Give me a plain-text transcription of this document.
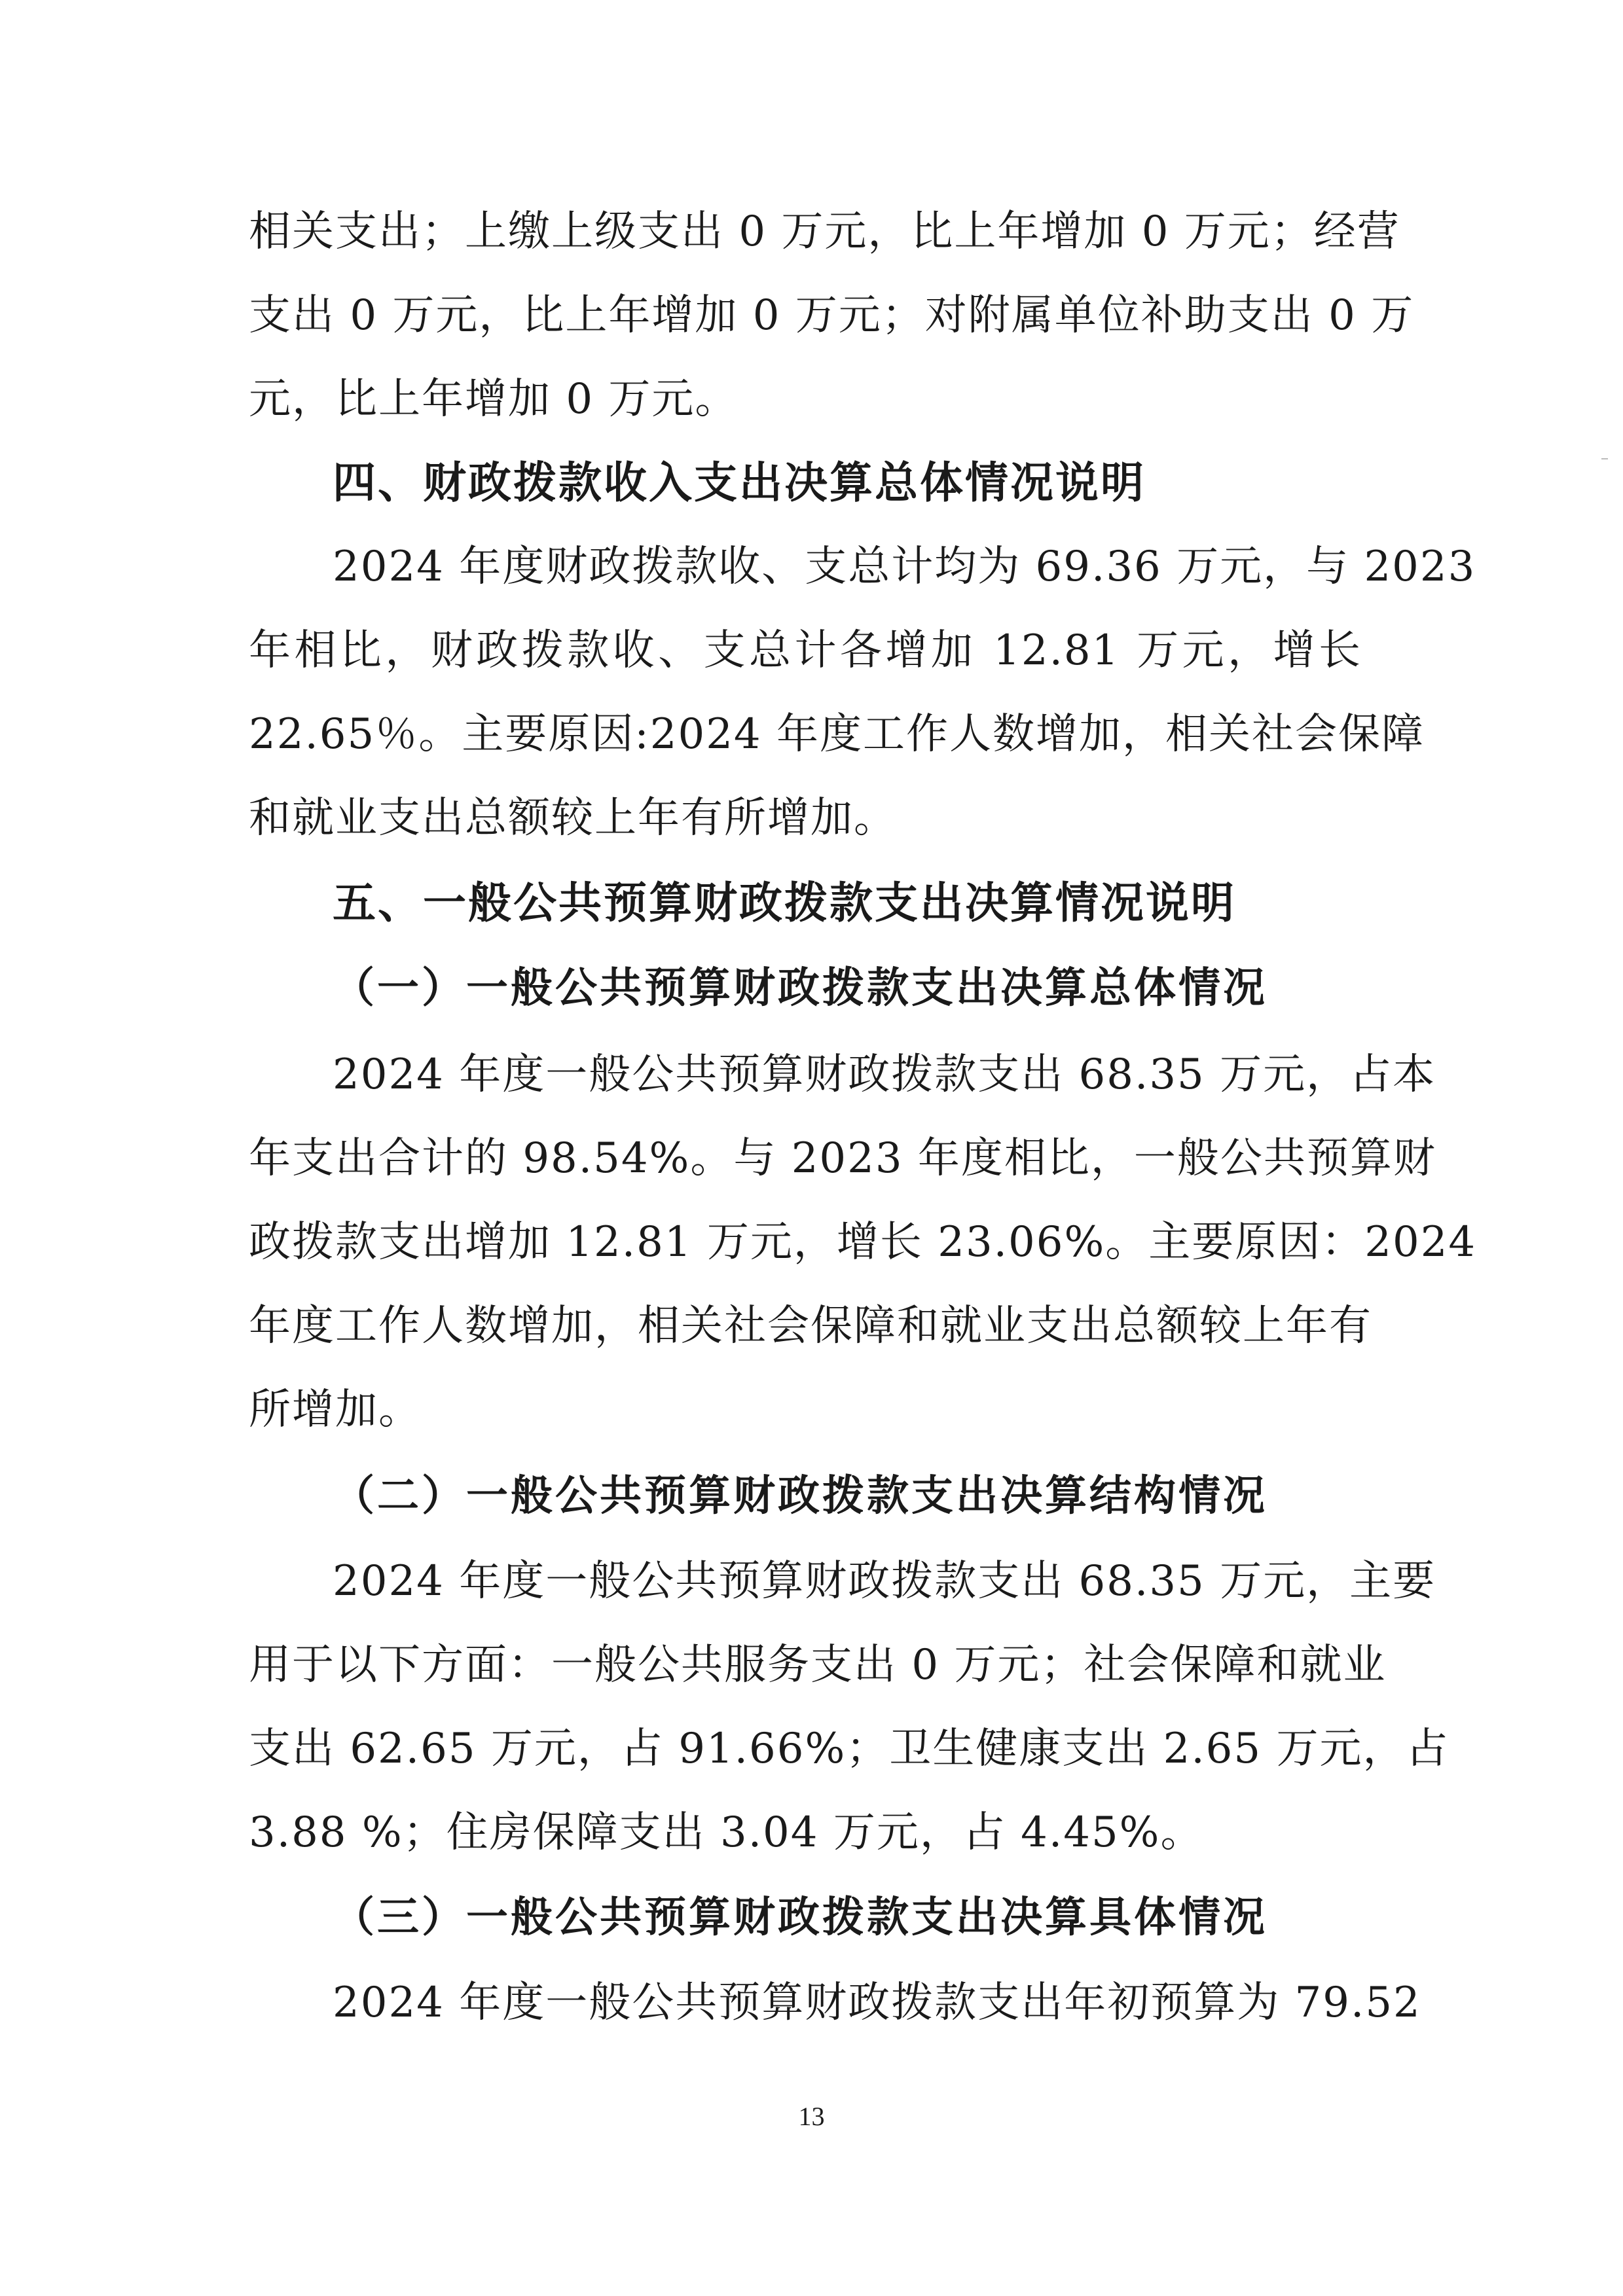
相关支出；上缴上级支出 0 万元，比上年增加 0 万元；经营
支出 0 万元，比上年增加 0 万元；对附属单位补助支出 0 万
元，比上年增加 0 万元。
四、财政拨款收入支出决算总体情况说明
2024 年度财政拨款收、支总计均为 69.36 万元，与 2023
年相比，财政拨款收、支总计各增加 12.81 万元，增长
22.65％。主要原因:2024 年度工作人数增加，相关社会保障
和就业支出总额较上年有所增加。
五、一般公共预算财政拨款支出决算情况说明
（一）一般公共预算财政拨款支出决算总体情况
2024 年度一般公共预算财政拨款支出 68.35 万元，占本
年支出合计的 98.54%。与 2023 年度相比，一般公共预算财
政拨款支出增加 12.81 万元，增长 23.06%。主要原因：2024
年度工作人数增加，相关社会保障和就业支出总额较上年有
所增加。
（二）一般公共预算财政拨款支出决算结构情况
2024 年度一般公共预算财政拨款支出 68.35 万元，主要
用于以下方面：一般公共服务支出 0 万元；社会保障和就业
支出 62.65 万元，占 91.66%；卫生健康支出 2.65 万元，占
3.88 %；住房保障支出 3.04 万元，占 4.45%。
（三）一般公共预算财政拨款支出决算具体情况
2024 年度一般公共预算财政拨款支出年初预算为 79.52
13
